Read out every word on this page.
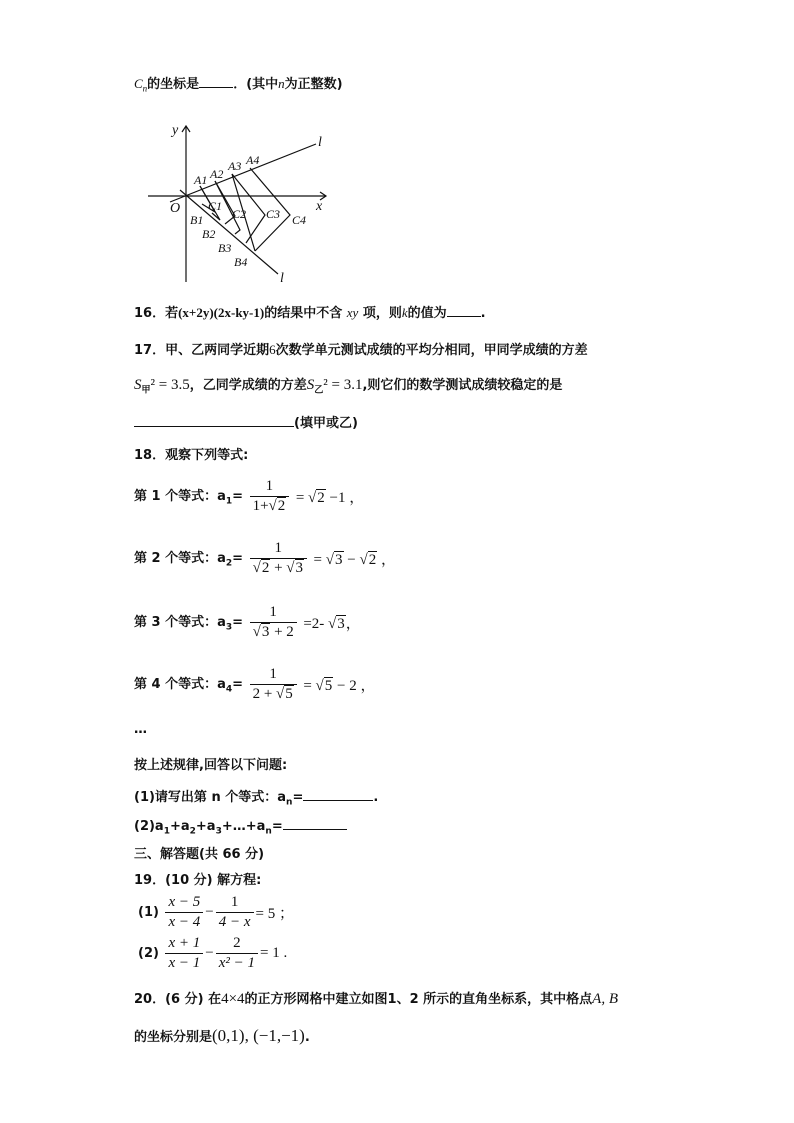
$C_n$的坐标是	．(其中n为正整数)
y
x
O
l
l
A1 A2
A3 A4
B1
B2
B3
B4
C1
C2 C3 C4
16．若(x+2y)(2x-ky-1)的结果中不含 xy 项，则k的值为	.
17．甲、乙两同学近期6次数学单元测试成绩的平均分相同，甲同学成绩的方差
$S_甲^2 = 3.5$，乙同学成绩的方差$S_乙^2 = 3.1$,则它们的数学测试成绩较稳定的是
(填甲或乙)
18．观察下列等式:
第 1 个等式：$a_1= \frac{1}{1+√2} = √2 -1$ ，
第 2 个等式：$a_2= \frac{1}{√2 + √3} = √3 - √2$ ，
第 3 个等式：$a_3= \frac{1}{√3 + 2} =2-$ √3，
第 4 个等式：$a_4= \frac{1}{2 + √5} = √5 - 2$ ，
…
按上述规律,回答以下问题:
(1)请写出第 n 个等式：$a_n=$	.
$(2)a_1+a_2+a_3+\dots+a_n=$
三、解答题(共 66 分)
19．(10 分) 解方程:
$(1) \frac{x - 5}{x - 4} - \frac{1}{4 - x} = 5$ ；
$(2) \frac{x + 1}{x - 1} - \frac{2}{\text{x² − 1}} = 1$ .
20．(6 分) 在4×4的正方形网格中建立如图1、2 所示的直角坐标系，其中格点A, B
的坐标分别是(0,1), (−1,−1).
